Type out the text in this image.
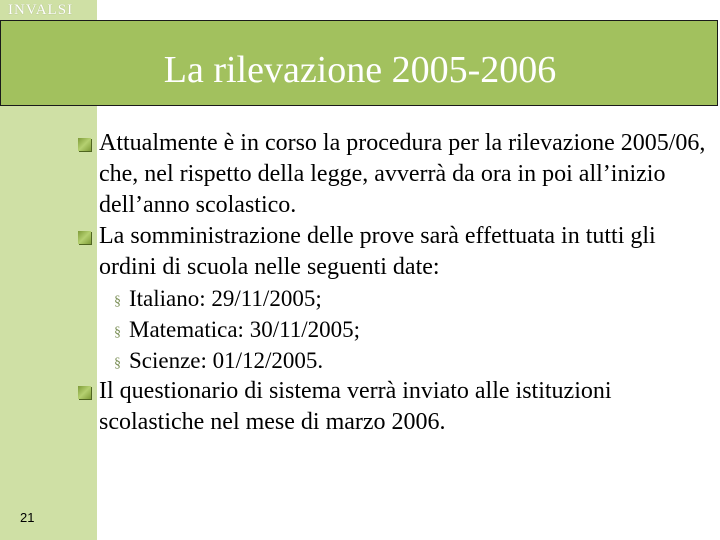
INVALSI
La rilevazione 2005-2006

Attualmente è in corso la procedura per la rilevazione 2005/06, che, nel rispetto della legge, avverrà da ora in poi all’inizio dell’anno scolastico.

La somministrazione delle prove sarà effettuata in tutti gli ordini di scuola nelle seguenti date:

§ Italiano: 29/11/2005;

§ Matematica: 30/11/2005;

§ Scienze: 01/12/2005.

Il questionario di sistema verrà inviato alle istituzioni scolastiche nel mese di marzo 2006.

21
